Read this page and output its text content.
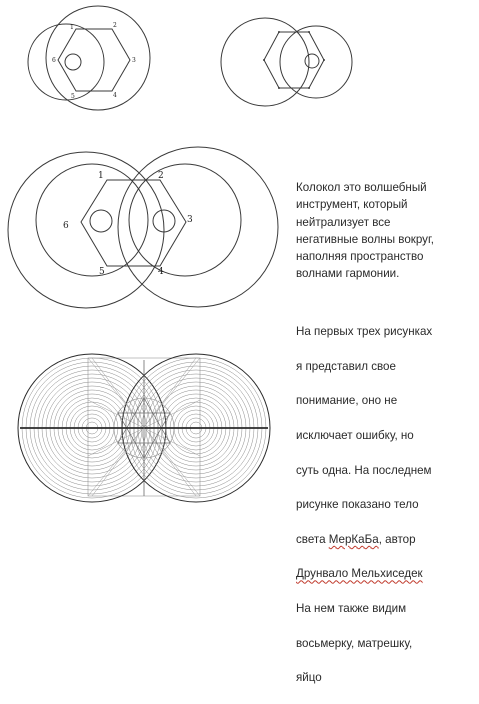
1	2
3
4
5
6
1	2
3
4
5
6

Колокол это волшебный
инструмент, который
нейтрализует все
негативные волны вокруг,
наполняя пространство
волнами гармонии.

На первых трех рисунках

я представил свое

понимание, оно не

исключает ошибку, но

суть одна. На последнем

рисунке показано тело

света МерКаБа, автор

Друнвало Мельхиседек

На нем также видим

восьмерку, матрешку,

яйцо
